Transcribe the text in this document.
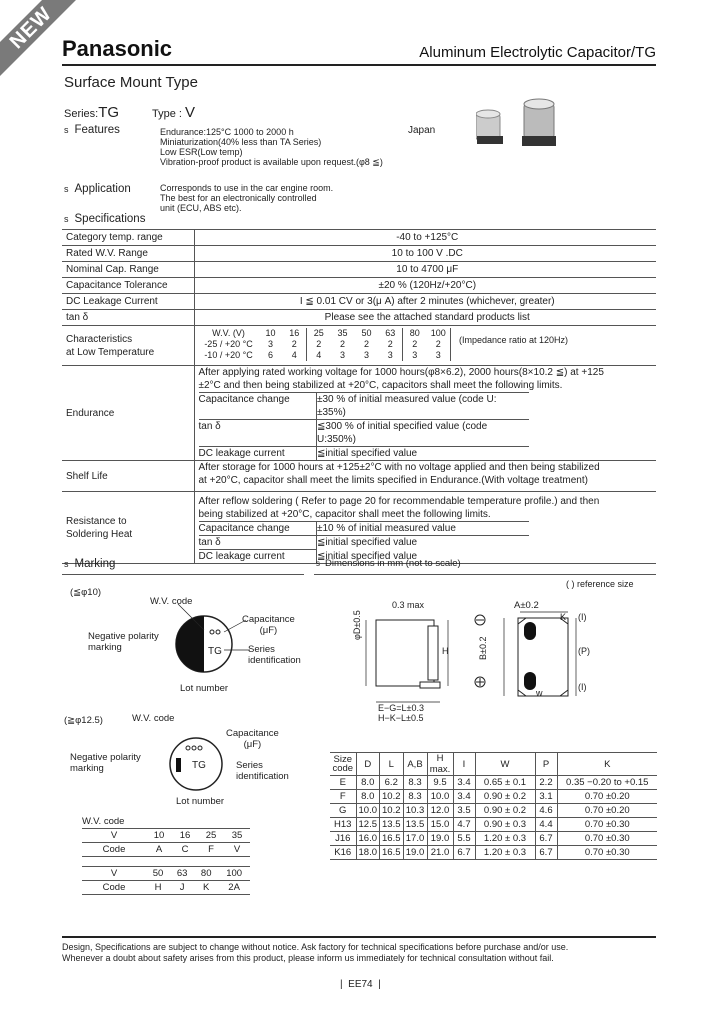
NEW Panasonic	Aluminum Electrolytic Capacitor/TG
Surface Mount Type
Series:TG	Type : V
s Features	Endurance:125°C 1000 to 2000 h
Miniaturization(40% less than TA Series)
Low ESR(Low temp)
Vibration-proof product is available upon request.(φ8 ≦)
Japan
s Application	Corresponds to use in the car engine room.
The best for an electronically controlled
unit (ECU, ABS etc).
s Specifications
Category temp. range	-40 to +125°C
Rated W.V. Range	10 to 100 V .DC
Nominal Cap. Range	10 to 4700 μF
Capacitance Tolerance	±20 % (120Hz/+20°C)
DC Leakage Current	I ≦ 0.01 CV or 3(μ A) after 2 minutes (whichever, greater)
tan δ	Please see the attached standard products list

Characteristics
at Low Temperature

W.V. (V)	10	16	25	35	50	63	80	100
-25 / +20 °C	3	2	2	2	2	2	2	2
-10 / +20 °C	6	4	4	3	3	3	3	3
(Impedance ratio at 120Hz)

Endurance	
After applying rated working voltage for 1000 hours(φ8×6.2), 2000 hours(8×10.2 ≦) at +125
±2°C and then being stabilized at +20°C, capacitors shall meet the following limits.
Capacitance change	±30 % of initial measured value (code U:±35%)
tan δ	≦300 % of initial specified value (code U:350%)
DC leakage current	≦initial specified value

Shelf Life	
After storage for 1000 hours at +125±2°C with no voltage applied and then being stabilized
at +20°C, capacitor shall meet the limits specified in Endurance.(With voltage treatment)

Resistance to
Soldering Heat

After reflow soldering ( Refer to page 20 for recommendable temperature profile.) and then
being stabilized at +20°C, capacitor shall meet the following limits.
Capacitance change	±10 % of initial measured value
tan δ	≦initial specified value
DC leakage current	≦initial specified value
s Marking
(≦φ10)
W.V. code
Capacitance
(μF)
Negative polarity
marking	Series
identification
Lot number
TG
(≧φ12.5)	W.V. code
Capacitance
(μF)
Negative polarity
marking	Series
identification
Lot number
TG
W.V. code
V	10	16	25	35
Code	A	C	F	V
V	50	63	80	100
Code	H	J	K	2A
s Dimensions in mm (not to scale)
( ) reference size
0.3 max
φD±0.5
H
A±0.2
B±0.2
K (I)
(P)
(I)
w
E−G=L±0.3
H−K−L±0.5
Size code	D	L	A,B	H max.	I	W	P	K
E	8.0	6.2	8.3	9.5	3.4	0.65 ± 0.1	2.2	0.35 −0.20 to +0.15
F	8.0	10.2	8.3	10.0	3.4	0.90 ± 0.2	3.1	0.70 ±0.20
G	10.0	10.2	10.3	12.0	3.5	0.90 ± 0.2	4.6	0.70 ±0.20
H13	12.5	13.5	13.5	15.0	4.7	0.90 ± 0.3	4.4	0.70 ±0.30
J16	16.0	16.5	17.0	19.0	5.5	1.20 ± 0.3	6.7	0.70 ±0.30
K16	18.0	16.5	19.0	21.0	6.7	1.20 ± 0.3	6.7	0.70 ±0.30
Design, Specifications are subject to change without notice. Ask factory for technical specifications before purchase and/or use.
Whenever a doubt about safety arises from this product, please inform us immediately for technical consultation without fail.
|  EE74  |
